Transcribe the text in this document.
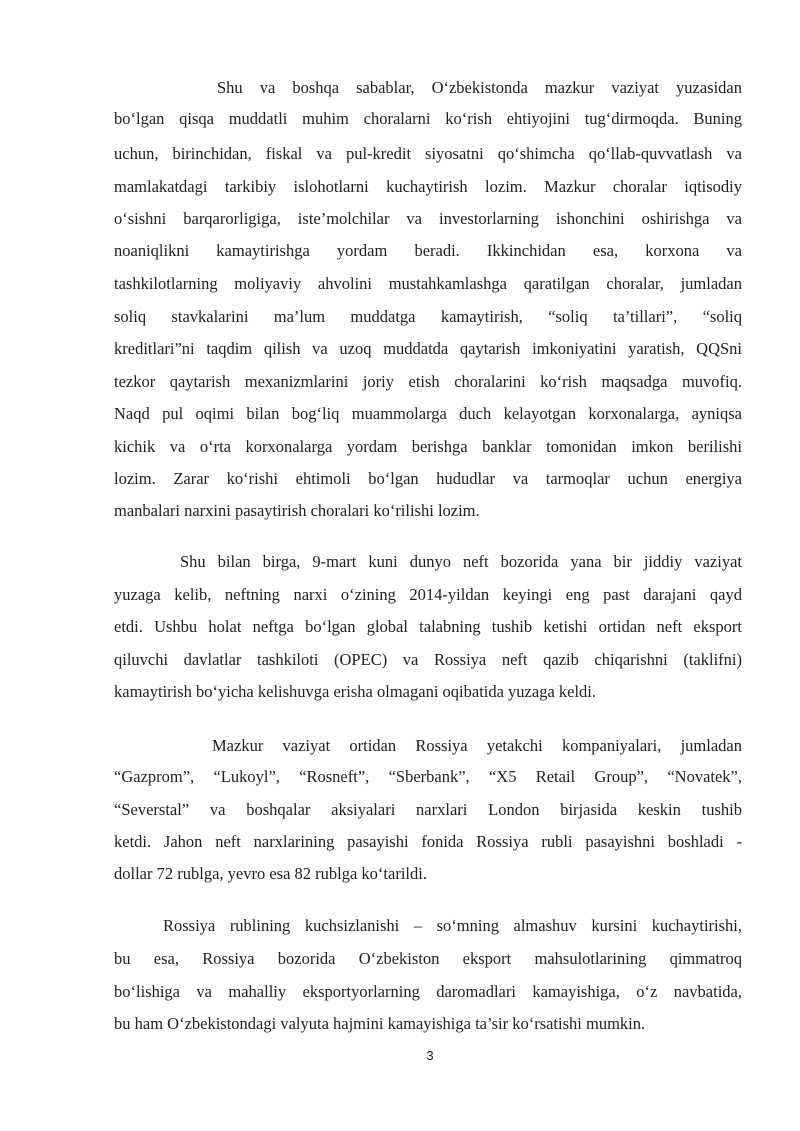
Shu va boshqa sabablar, O‘zbekistonda mazkur vaziyat yuzasidan
bo‘lgan qisqa muddatli muhim choralarni ko‘rish ehtiyojini tug‘dirmoqda. Buning
uchun, birinchidan, fiskal va pul-kredit siyosatni qo‘shimcha qo‘llab-quvvatlash va
mamlakatdagi tarkibiy islohotlarni kuchaytirish lozim. Mazkur choralar iqtisodiy
o‘sishni barqarorligiga, iste’molchilar va investorlarning ishonchini oshirishga va
noaniqlikni kamaytirishga yordam beradi. Ikkinchidan esa, korxona va
tashkilotlarning moliyaviy ahvolini mustahkamlashga qaratilgan choralar, jumladan
soliq stavkalarini ma’lum muddatga kamaytirish, “soliq ta’tillari”, “soliq
kreditlari”ni taqdim qilish va uzoq muddatda qaytarish imkoniyatini yaratish, QQSni
tezkor qaytarish mexanizmlarini joriy etish choralarini ko‘rish maqsadga muvofiq.
Naqd pul oqimi bilan bog‘liq muammolarga duch kelayotgan korxonalarga, ayniqsa
kichik va o‘rta korxonalarga yordam berishga banklar tomonidan imkon berilishi
lozim. Zarar ko‘rishi ehtimoli bo‘lgan hududlar va tarmoqlar uchun energiya
manbalari narxini pasaytirish choralari ko‘rilishi lozim.
Shu bilan birga, 9-mart kuni dunyo neft bozorida yana bir jiddiy vaziyat
yuzaga kelib, neftning narxi o‘zining 2014-yildan keyingi eng past darajani qayd
etdi. Ushbu holat neftga bo‘lgan global talabning tushib ketishi ortidan neft eksport
qiluvchi davlatlar tashkiloti (OPEC) va Rossiya neft qazib chiqarishni (taklifni)
kamaytirish bo‘yicha kelishuvga erisha olmagani oqibatida yuzaga keldi.
Mazkur vaziyat ortidan Rossiya yetakchi kompaniyalari, jumladan
“Gazprom”, “Lukoyl”, “Rosneft”, “Sberbank”, “X5 Retail Group”, “Novatek”,
“Severstal” va boshqalar aksiyalari narxlari London birjasida keskin tushib
ketdi. Jahon neft narxlarining pasayishi fonida Rossiya rubli pasayishni boshladi -
dollar 72 rublga, yevro esa 82 rublga ko‘tarildi.
Rossiya rublining kuchsizlanishi – so‘mning almashuv kursini kuchaytirishi,
bu esa, Rossiya bozorida O‘zbekiston eksport mahsulotlarining qimmatroq
bo‘lishiga va mahalliy eksportyorlarning daromadlari kamayishiga, o‘z navbatida,
bu ham O‘zbekistondagi valyuta hajmini kamayishiga ta’sir ko‘rsatishi mumkin.
3
